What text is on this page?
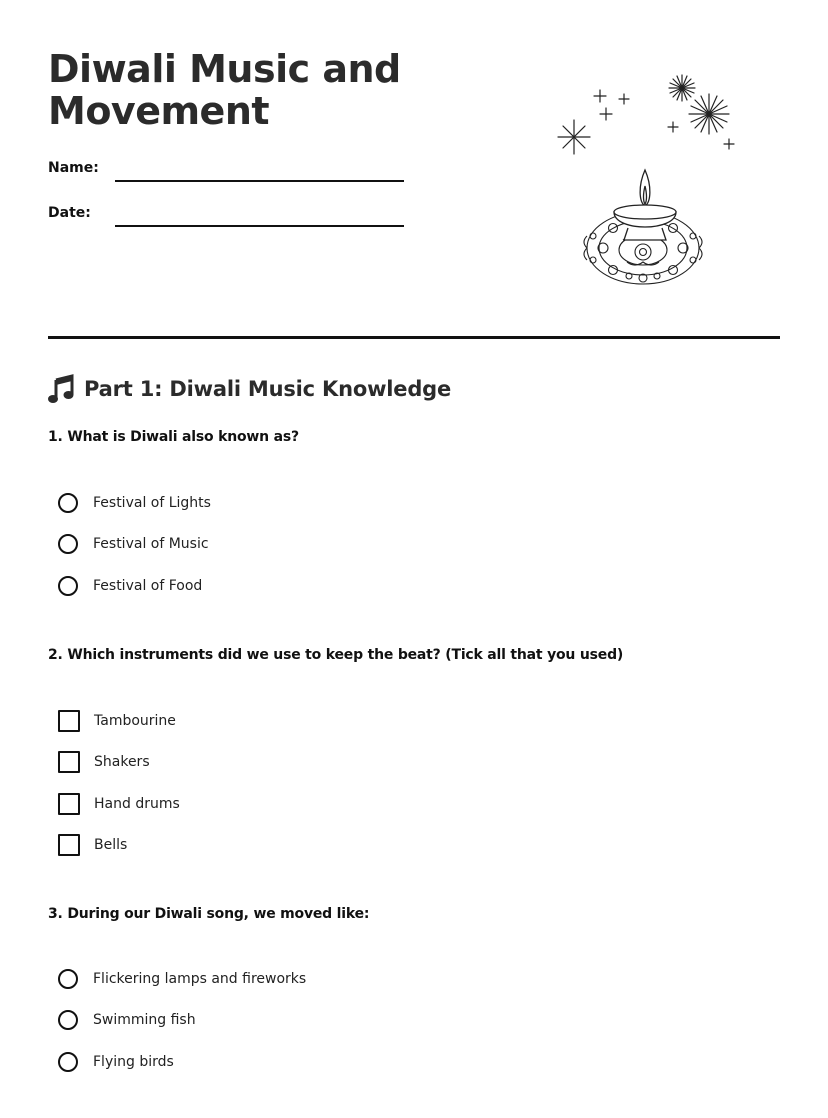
Diwali Music and Movement
Name:
Date:
Part 1: Diwali Music Knowledge

1. What is Diwali also known as?

Festival of Lights
Festival of Music
Festival of Food

2. Which instruments did we use to keep the beat? (Tick all that you used)

Tambourine
Shakers
Hand drums
Bells

3. During our Diwali song, we moved like:

Flickering lamps and fireworks
Swimming fish
Flying birds
